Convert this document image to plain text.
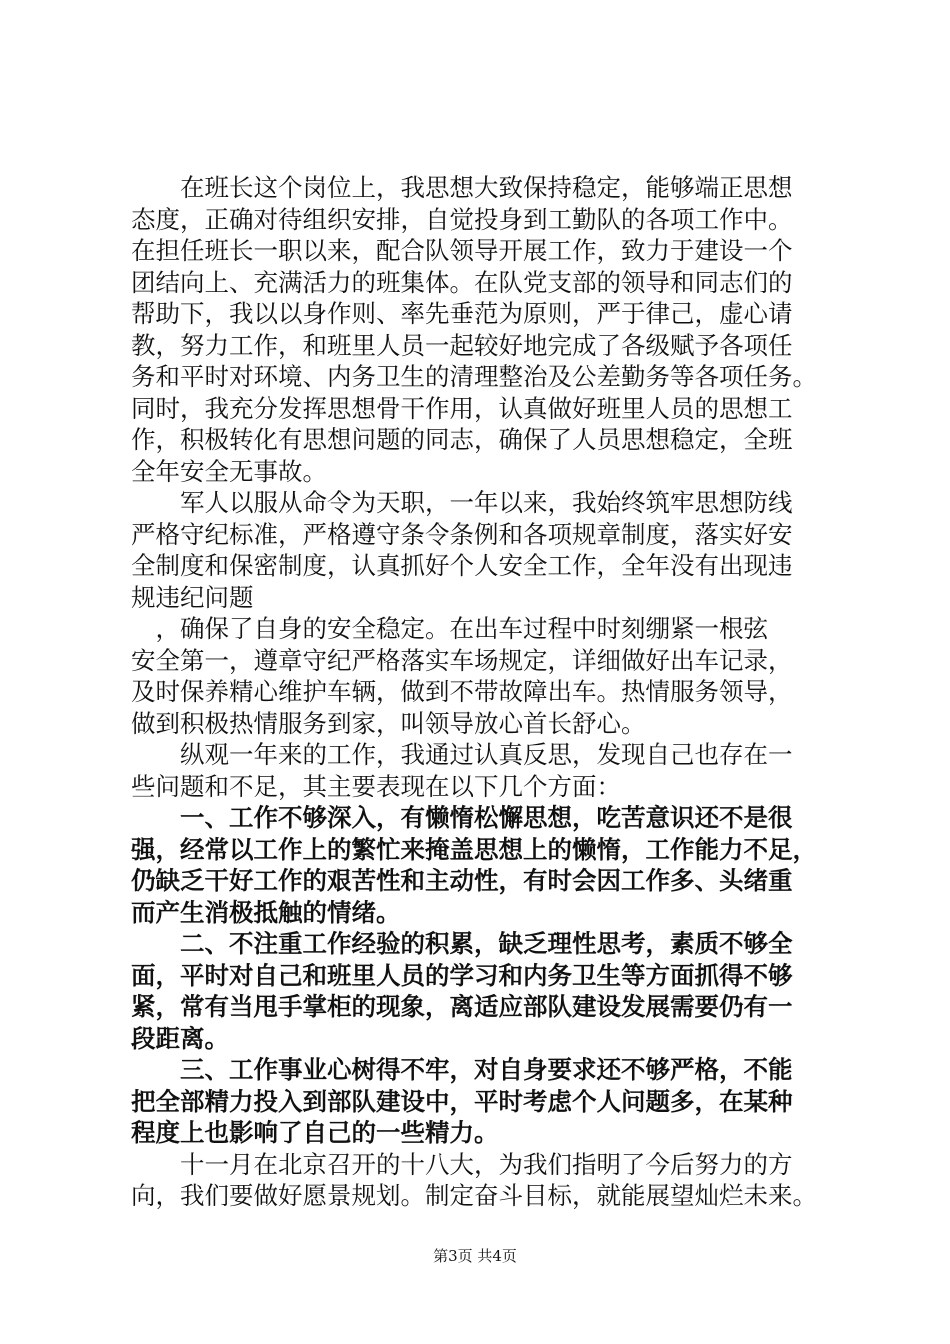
　　在班长这个岗位上，我思想大致保持稳定，能够端正思想
态度，正确对待组织安排，自觉投身到工勤队的各项工作中。
在担任班长一职以来，配合队领导开展工作，致力于建设一个
团结向上、充满活力的班集体。在队党支部的领导和同志们的
帮助下，我以以身作则、率先垂范为原则，严于律己，虚心请
教，努力工作，和班里人员一起较好地完成了各级赋予各项任
务和平时对环境、内务卫生的清理整治及公差勤务等各项任务。
同时，我充分发挥思想骨干作用，认真做好班里人员的思想工
作，积极转化有思想问题的同志，确保了人员思想稳定，全班
全年安全无事故。
　　军人以服从命令为天职，一年以来，我始终筑牢思想防线
严格守纪标准，严格遵守条令条例和各项规章制度，落实好安
全制度和保密制度，认真抓好个人安全工作，全年没有出现违
规违纪问题
　，确保了自身的安全稳定。在出车过程中时刻绷紧一根弦
安全第一，遵章守纪严格落实车场规定，详细做好出车记录，
及时保养精心维护车辆，做到不带故障出车。热情服务领导，
做到积极热情服务到家，叫领导放心首长舒心。
　　纵观一年来的工作，我通过认真反思，发现自己也存在一
些问题和不足，其主要表现在以下几个方面：
　　一、工作不够深入，有懒惰松懈思想，吃苦意识还不是很
强，经常以工作上的繁忙来掩盖思想上的懒惰，工作能力不足，
仍缺乏干好工作的艰苦性和主动性，有时会因工作多、头绪重
而产生消极抵触的情绪。
　　二、不注重工作经验的积累，缺乏理性思考，素质不够全
面，平时对自己和班里人员的学习和内务卫生等方面抓得不够
紧，常有当甩手掌柜的现象，离适应部队建设发展需要仍有一
段距离。
　　三、工作事业心树得不牢，对自身要求还不够严格，不能
把全部精力投入到部队建设中，平时考虑个人问题多，在某种
程度上也影响了自己的一些精力。
　　十一月在北京召开的十八大，为我们指明了今后努力的方
向，我们要做好愿景规划。制定奋斗目标，就能展望灿烂未来。
第3页 共4页
